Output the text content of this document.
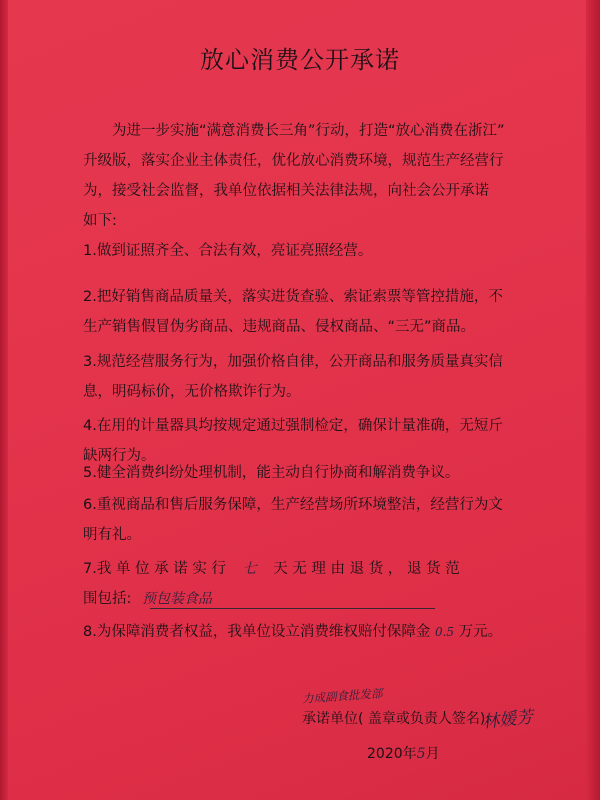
放心消费公开承诺
为进一步实施“满意消费长三角”行动，打造“放心消费在浙江”
升级版，落实企业主体责任，优化放心消费环境，规范生产经营行
为，接受社会监督，我单位依据相关法律法规，向社会公开承诺
如下:
1.做到证照齐全、合法有效，亮证亮照经营。
2.把好销售商品质量关，落实进货查验、索证索票等管控措施，不
生产销售假冒伪劣商品、违规商品、侵权商品、“三无”商品。
3.规范经营服务行为，加强价格自律，公开商品和服务质量真实信
息，明码标价，无价格欺诈行为。
4.在用的计量器具均按规定通过强制检定，确保计量准确，无短斤
缺两行为。
5.健全消费纠纷处理机制，能主动自行协商和解消费争议。
6.重视商品和售后服务保障，生产经营场所环境整洁，经营行为文
明有礼。
7.我 单 位 承 诺 实 行 七 天 无 理 由 退 货 ， 退 货 范
围包括: 预包装食品
8.为保障消费者权益，我单位设立消费维权赔付保障金 0.5 万元。
力成副食批发部
承诺单位( 盖章或负责人签名):
林媛芳
2020年5月
